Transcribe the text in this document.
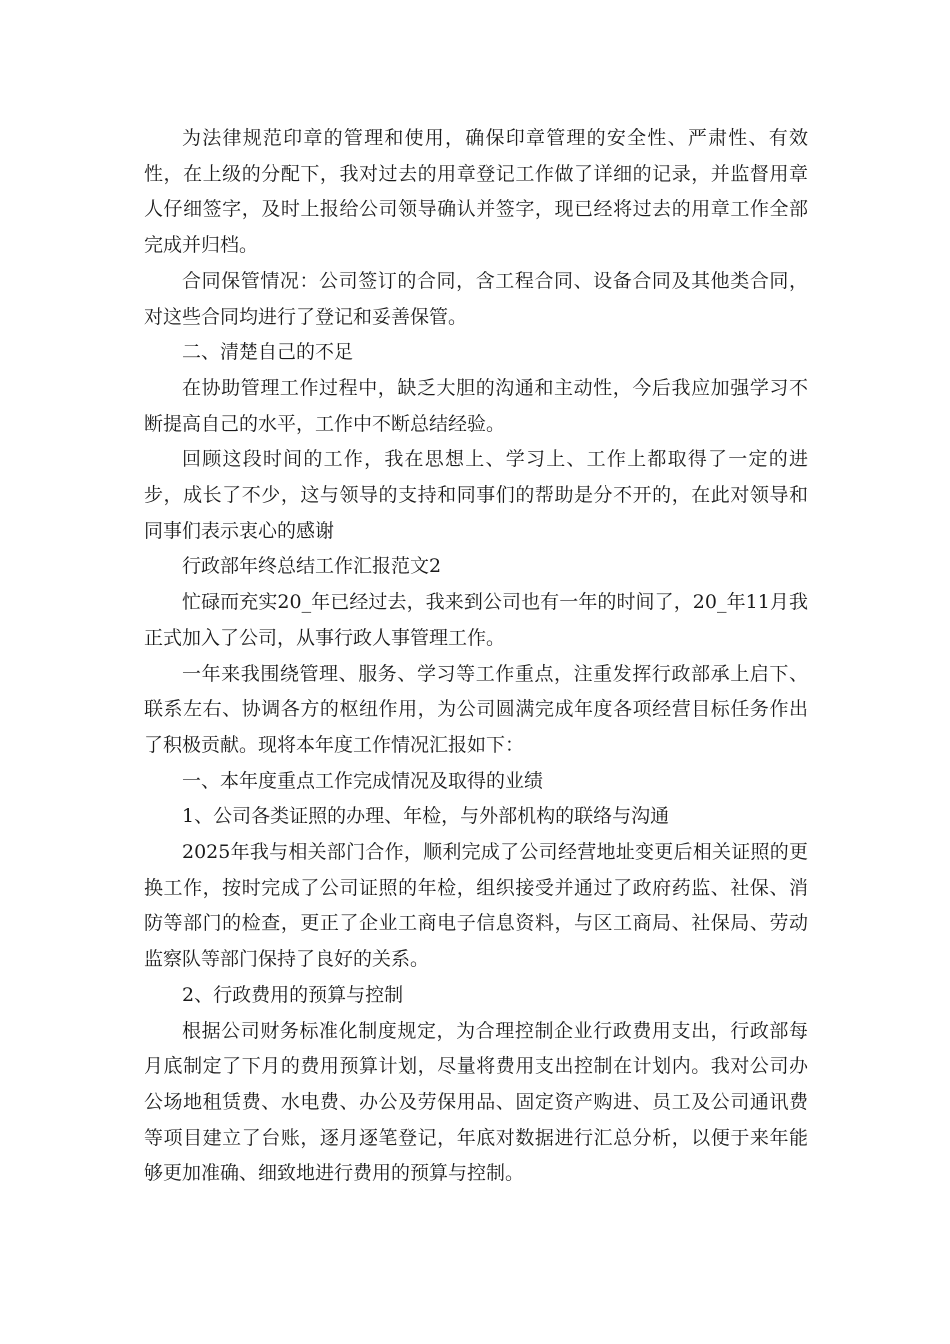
为法律规范印章的管理和使用，确保印章管理的安全性、严肃性、有效性，在上级的分配下，我对过去的用章登记工作做了详细的记录，并监督用章人仔细签字，及时上报给公司领导确认并签字，现已经将过去的用章工作全部完成并归档。

合同保管情况：公司签订的合同，含工程合同、设备合同及其他类合同，对这些合同均进行了登记和妥善保管。

二、清楚自己的不足

在协助管理工作过程中，缺乏大胆的沟通和主动性，今后我应加强学习不断提高自己的水平，工作中不断总结经验。

回顾这段时间的工作，我在思想上、学习上、工作上都取得了一定的进步，成长了不少，这与领导的支持和同事们的帮助是分不开的，在此对领导和同事们表示衷心的感谢

行政部年终总结工作汇报范文2

忙碌而充实20_年已经过去，我来到公司也有一年的时间了，20_年11月我正式加入了公司，从事行政人事管理工作。

一年来我围绕管理、服务、学习等工作重点，注重发挥行政部承上启下、联系左右、协调各方的枢纽作用，为公司圆满完成年度各项经营目标任务作出了积极贡献。现将本年度工作情况汇报如下：

一、本年度重点工作完成情况及取得的业绩

1、公司各类证照的办理、年检，与外部机构的联络与沟通

2025年我与相关部门合作，顺利完成了公司经营地址变更后相关证照的更换工作，按时完成了公司证照的年检，组织接受并通过了政府药监、社保、消防等部门的检查，更正了企业工商电子信息资料，与区工商局、社保局、劳动监察队等部门保持了良好的关系。

2、行政费用的预算与控制

根据公司财务标准化制度规定，为合理控制企业行政费用支出，行政部每月底制定了下月的费用预算计划，尽量将费用支出控制在计划内。我对公司办公场地租赁费、水电费、办公及劳保用品、固定资产购进、员工及公司通讯费等项目建立了台账，逐月逐笔登记，年底对数据进行汇总分析，以便于来年能够更加准确、细致地进行费用的预算与控制。
